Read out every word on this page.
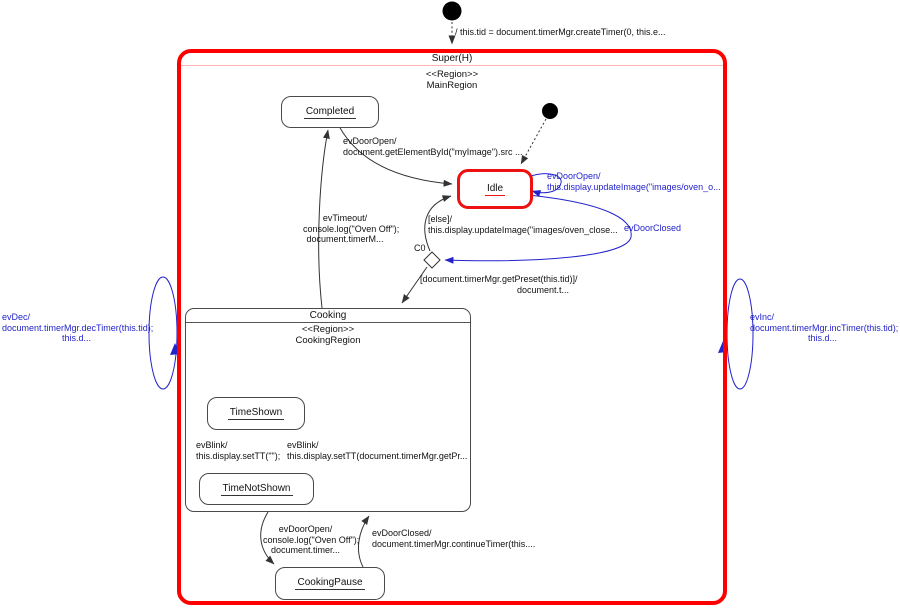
Super(H)
<<Region>>
MainRegion
Completed
Idle
Cooking
<<Region>>
CookingRegion
TimeShown
TimeNotShown
CookingPause
/ this.tid = document.timerMgr.createTimer(0, this.e...
evDoorOpen/
document.getElementById("myImage").src ...
evDoorOpen/
this.display.updateImage("images/oven_o...
evDoorClosed
[else]/
this.display.updateImage("images/oven_close...
C0
[document.timerMgr.getPreset(this.tid)]/
document.t...
evTimeout/
console.log("Oven Off");
document.timerM...
evBlink/
this.display.setTT("");
evBlink/
this.display.setTT(document.timerMgr.getPr...
evDoorOpen/
console.log("Oven Off");
document.timer...
evDoorClosed/
document.timerMgr.continueTimer(this....
evDec/
document.timerMgr.decTimer(this.tid);
this.d...
evInc/
document.timerMgr.incTimer(this.tid);
this.d...
